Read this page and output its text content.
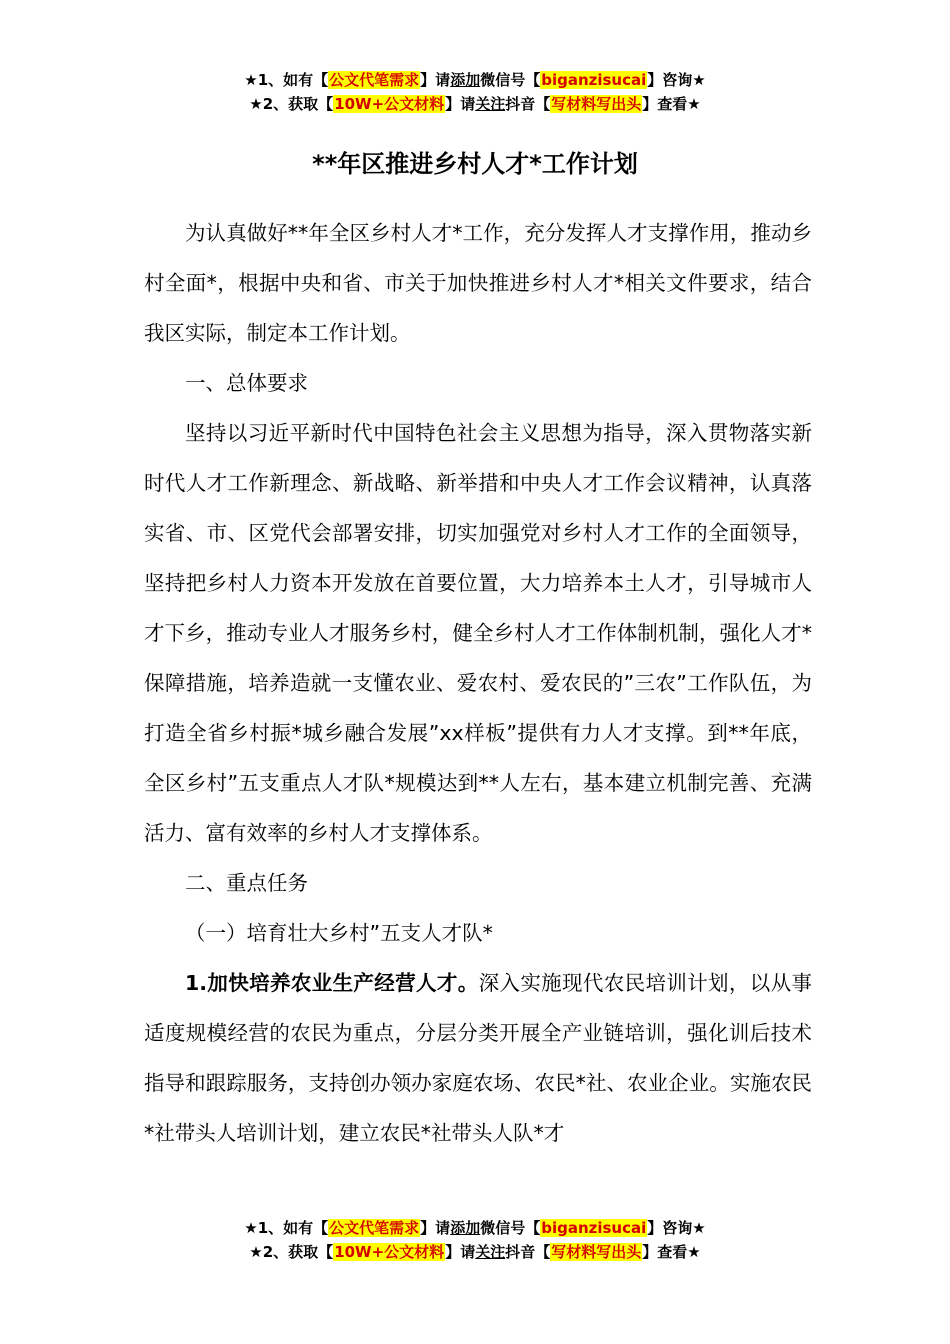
★1、如有【公文代笔需求】请添加微信号【biganzisucai】咨询★
★2、获取【10W+公文材料】请关注抖音【写材料写出头】查看★
**年区推进乡村人才*工作计划

为认真做好**年全区乡村人才*工作，充分发挥人才支撑作用，推动乡村全面*，根据中央和省、市关于加快推进乡村人才*相关文件要求，结合我区实际，制定本工作计划。

一、总体要求

坚持以习近平新时代中国特色社会主义思想为指导，深入贯物落实新时代人才工作新理念、新战略、新举措和中央人才工作会议精神，认真落实省、市、区党代会部署安排，切实加强党对乡村人才工作的全面领导，坚持把乡村人力资本开发放在首要位置，大力培养本土人才，引导城市人才下乡，推动专业人才服务乡村，健全乡村人才工作体制机制，强化人才*保障措施，培养造就一支懂农业、爱农村、爱农民的”三农”工作队伍，为打造全省乡村振*城乡融合发展”xx样板”提供有力人才支撑。到**年底，全区乡村”五支重点人才队*规模达到**人左右，基本建立机制完善、充满活力、富有效率的乡村人才支撑体系。

二、重点任务

（一）培育壮大乡村”五支人才队*

1.加快培养农业生产经营人才。深入实施现代农民培训计划，以从事适度规模经营的农民为重点，分层分类开展全产业链培训，强化训后技术指导和跟踪服务，支持创办领办家庭农场、农民*社、农业企业。实施农民*社带头人培训计划，建立农民*社带头人队*才

★1、如有【公文代笔需求】请添加微信号【biganzisucai】咨询★
★2、获取【10W+公文材料】请关注抖音【写材料写出头】查看★
